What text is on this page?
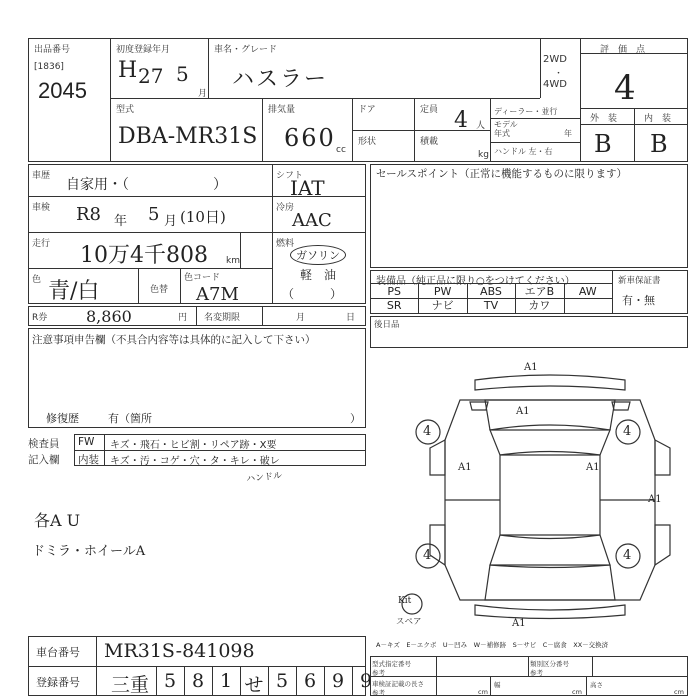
出品番号
[1836]
2045
初度登録年月
H 27 5
月
車名・グレード
ハスラー
2WD
・
4WD
評　価　点
4
型式
DBA-MR31S
排気量
660 cc
ドア
形状
定員 4 人
積載
kg
ディーラー・並行
モデル
年式	年
ハンドル 左・右
外　装	内　装
B B
車歴
自家用・（　　　　　　）
車検 R8 年 5 月 (10日)
走行 10万4千808 km
色 青/白	色替
色コード
A7M
シフト
IAT
冷房
AAC
燃料
ガソリン
軽　油
（　　　）
R券 8,860	円 名変期限	月	日
注意事項申告欄（不具合内容等は具体的に記入して下さい）
修復歴	有（箇所	）
検査員
記入欄
FW キズ・飛石・ヒビ割・リペア跡・X要
内装 キズ・汚・コゲ・穴・タ・キレ・破レ
ハンドル
各A U
ドミラ・ホイールA
セールスポイント（正常に機能するものに限ります）
装備品（純正品に限り○をつけてください）	新車保証書
有・無
PS	PW	ABS	エアB	AW
SR	ナビ	TV	カワ
後日品
A1
A1
A1	A1
A1
A1
4	4
4	4
Kit
スペア
車台番号 MR31S-841098
登録番号	三重 5 8 1 せ 5 6 9 9
A－キズ　E－エクボ　U－凹み　W－補修跡　S－サビ　C－腐食　XX－交換済
型式指定番号
参考
類別区分番号
参考
車検証記載の長さ
参考	cm
幅
cm
高さ
cm
